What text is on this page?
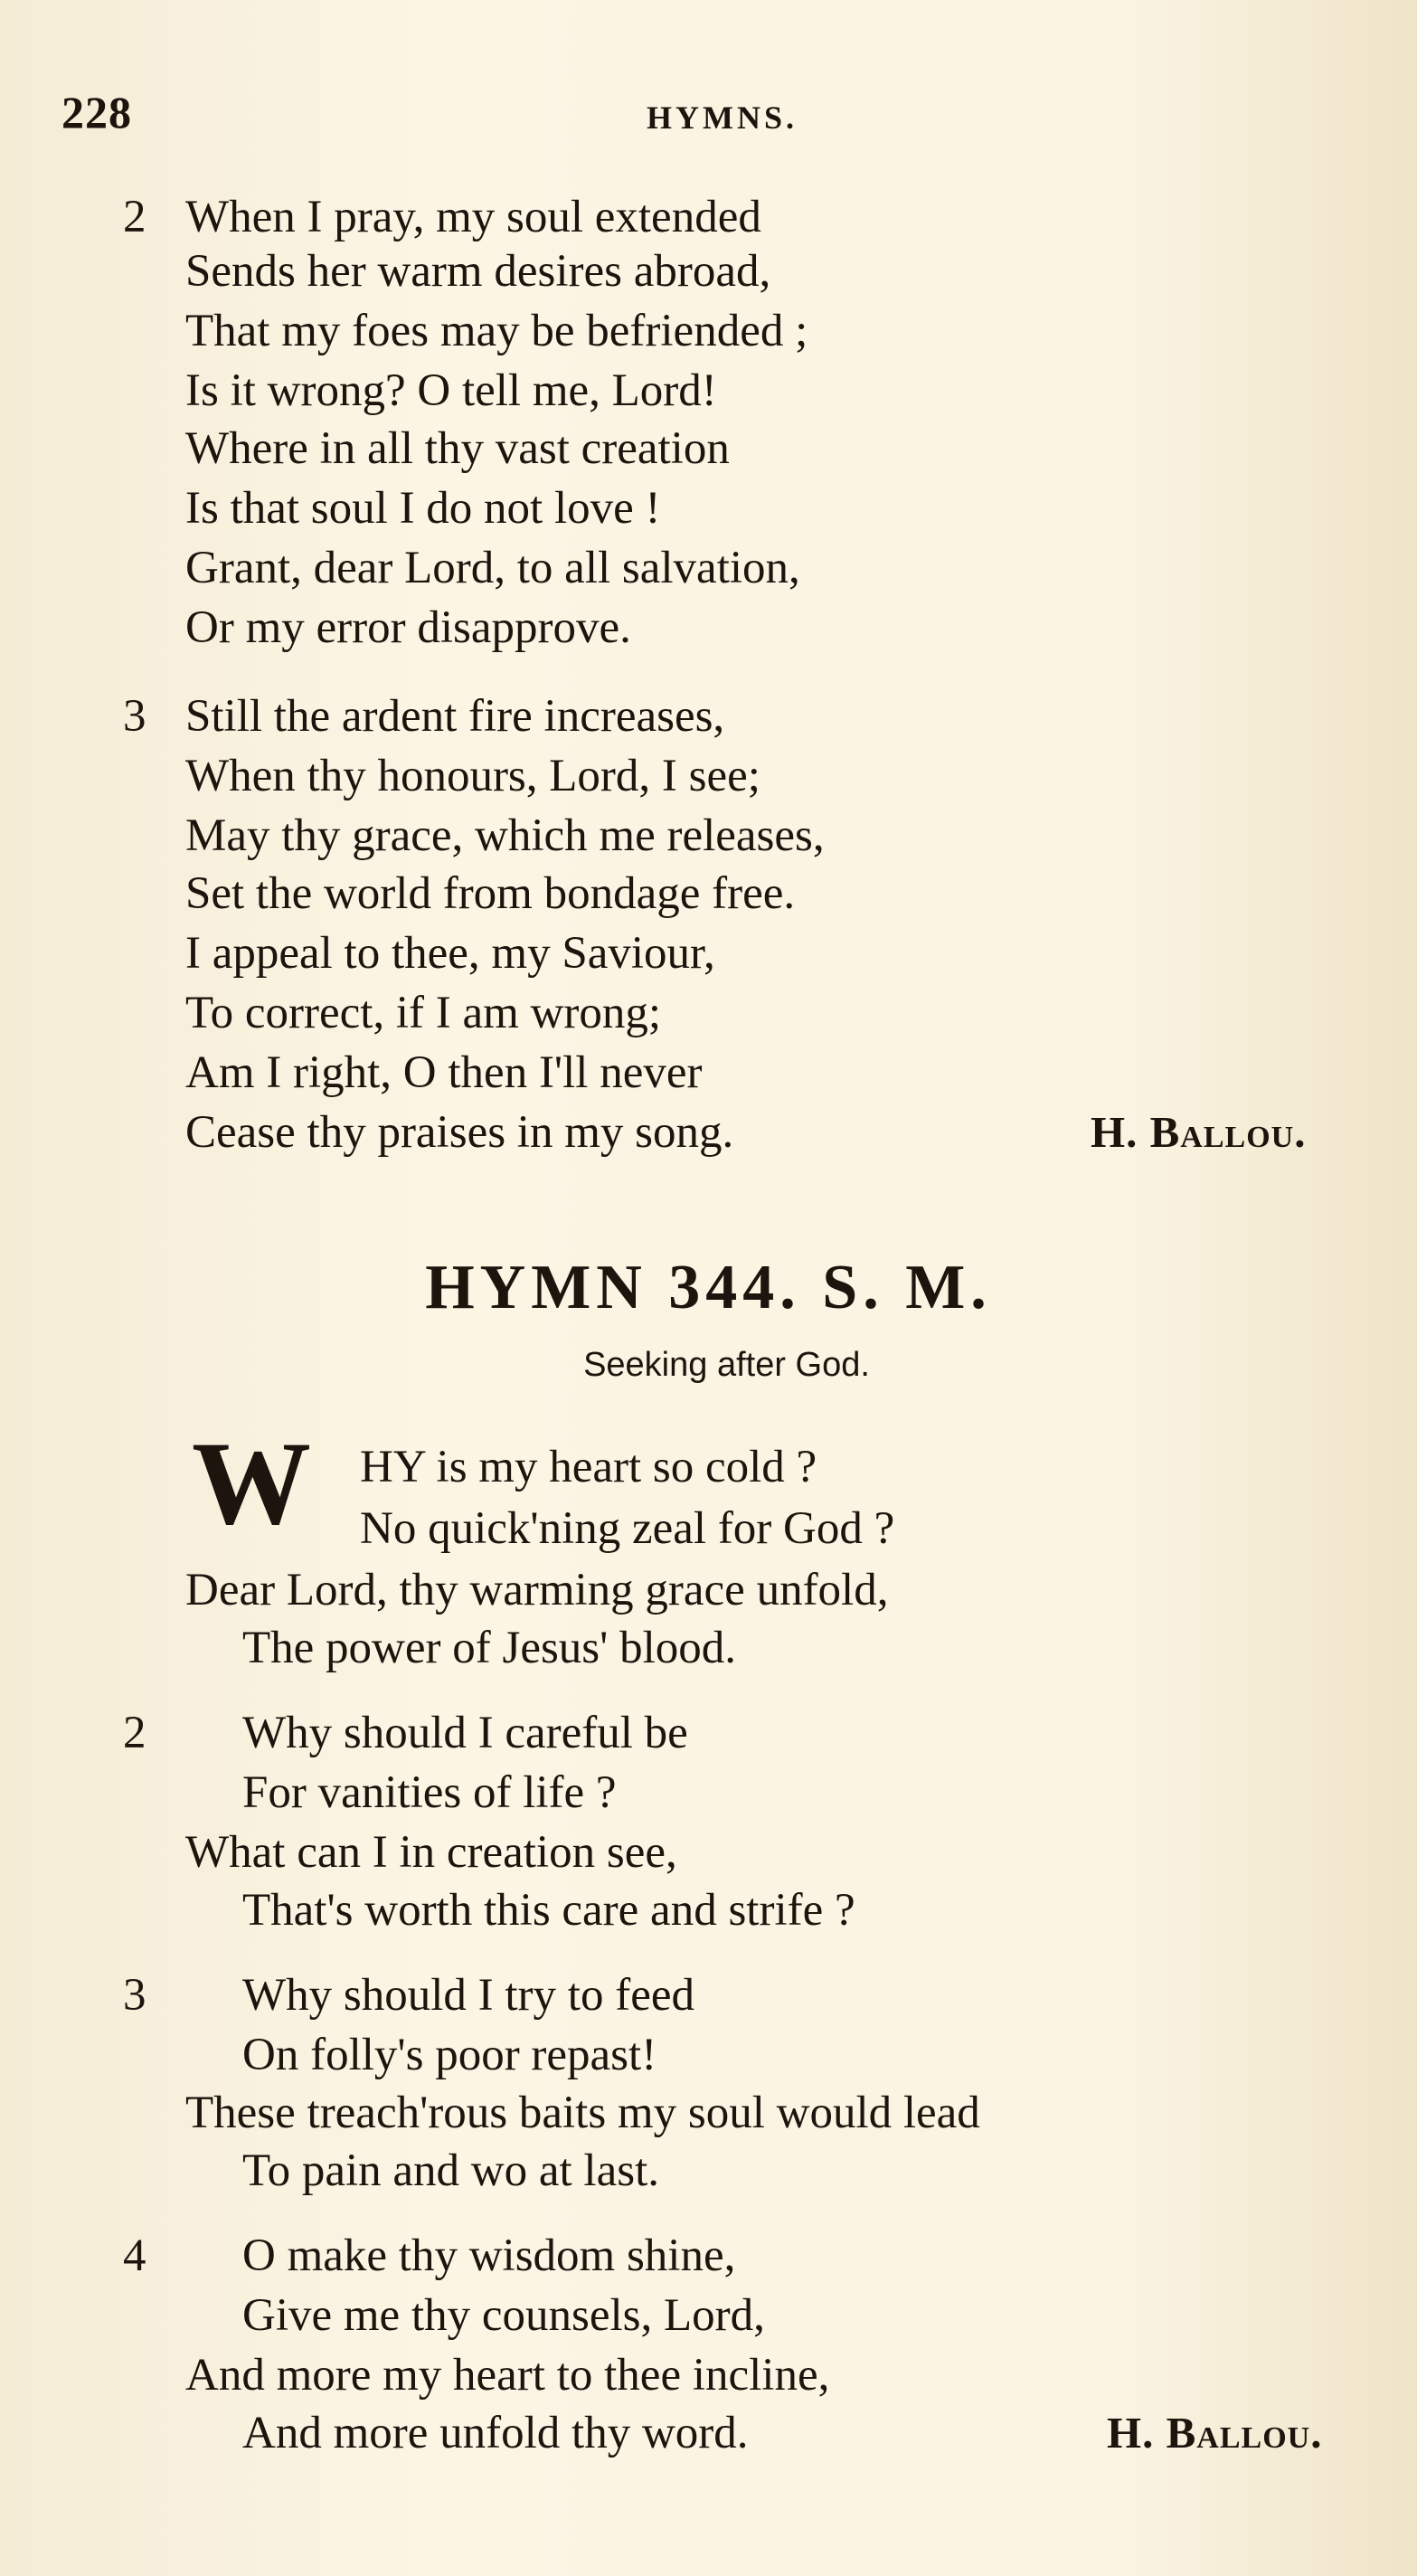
228	HYMNS.
2 When I pray, my soul extended
Sends her warm desires abroad,
That my foes may be befriended ;
Is it wrong? O tell me, Lord!
Where in all thy vast creation
Is that soul I do not love !
Grant, dear Lord, to all salvation,
Or my error disapprove.
3 Still the ardent fire increases,
When thy honours, Lord, I see;
May thy grace, which me releases,
Set the world from bondage free.
I appeal to thee, my Saviour,
To correct, if I am wrong;
Am I right, O then I'll never
Cease thy praises in my song.	H. Ballou.
HYMN 344. S. M.
Seeking after God.
W HY is my heart so cold ?
No quick'ning zeal for God ?
Dear Lord, thy warming grace unfold,
The power of Jesus' blood.
2 Why should I careful be
For vanities of life ?
What can I in creation see,
That's worth this care and strife ?
3 Why should I try to feed
On folly's poor repast!
These treach'rous baits my soul would lead
To pain and wo at last.
4 O make thy wisdom shine,
Give me thy counsels, Lord,
And more my heart to thee incline,
And more unfold thy word.	H. Ballou.
